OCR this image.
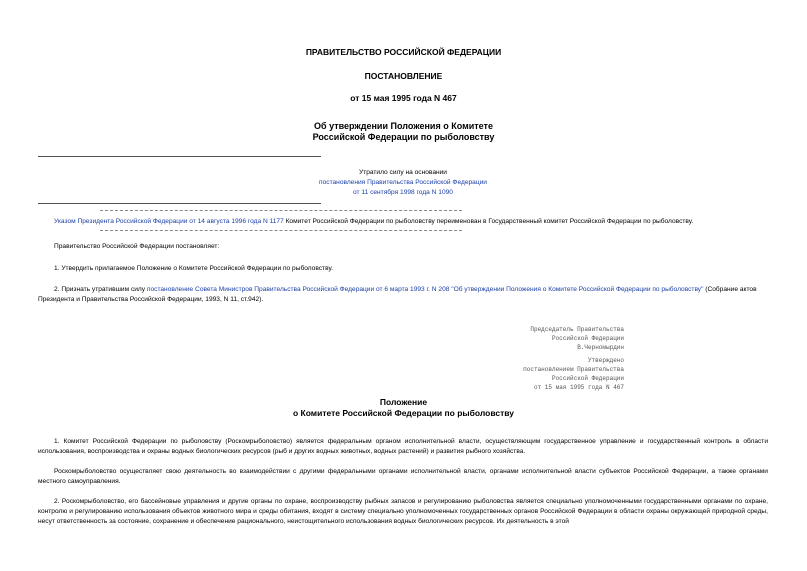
ПРАВИТЕЛЬСТВО РОССИЙСКОЙ ФЕДЕРАЦИИ
ПОСТАНОВЛЕНИЕ
от 15 мая 1995 года N 467
Об утверждении Положения о Комитете
Российской Федерации по рыболовству
Утратило силу на основании
постановления Правительства Российской Федерации
от 11 сентября 1998 года N 1090
Указом Президента Российской Федерации от 14 августа 1996 года N 1177 Комитет Российской Федерации по рыболовству переименован в Государственный комитет Российской Федерации по рыболовству.
Правительство Российской Федерации постановляет:
1. Утвердить прилагаемое Положение о Комитете Российской Федерации по рыболовству.
2. Признать утратившим силу постановление Совета Министров Правительства Российской Федерации от 6 марта 1993 г. N 208 "Об утверждении Положения о Комитете Российской Федерации по рыболовству" (Собрание актов Президента и Правительства Российской Федерации, 1993, N 11, ст.942).
Председатель Правительства
Российской Федерации
В.Черномырдин
Утверждено
постановлением Правительства
Российской Федерации
от 15 мая 1995 года N 467
Положение
о Комитете Российской Федерации по рыболовству
1. Комитет Российской Федерации по рыболовству (Роскомрыболовство) является федеральным органом исполнительной власти, осуществляющим государственное управление и государственный контроль в области использования, воспроизводства и охраны водных биологических ресурсов (рыб и других водных животных, водных растений) и развития рыбного хозяйства.
Роскомрыболовство осуществляет свою деятельность во взаимодействии с другими федеральными органами исполнительной власти, органами исполнительной власти субъектов Российской Федерации, а также органами местного самоуправления.
2. Роскомрыболовство, его бассейновые управления и другие органы по охране, воспроизводству рыбных запасов и регулированию рыболовства является специально уполномоченными государственными органами по охране, контролю и регулированию использования объектов животного мира и среды обитания, входят в систему специально уполномоченных государственных органов Российской Федерации в области охраны окружающей природной среды, несут ответственность за состояние, сохранение и обеспечение рационального, неистощительного использования водных биологических ресурсов. Их деятельность в этой
